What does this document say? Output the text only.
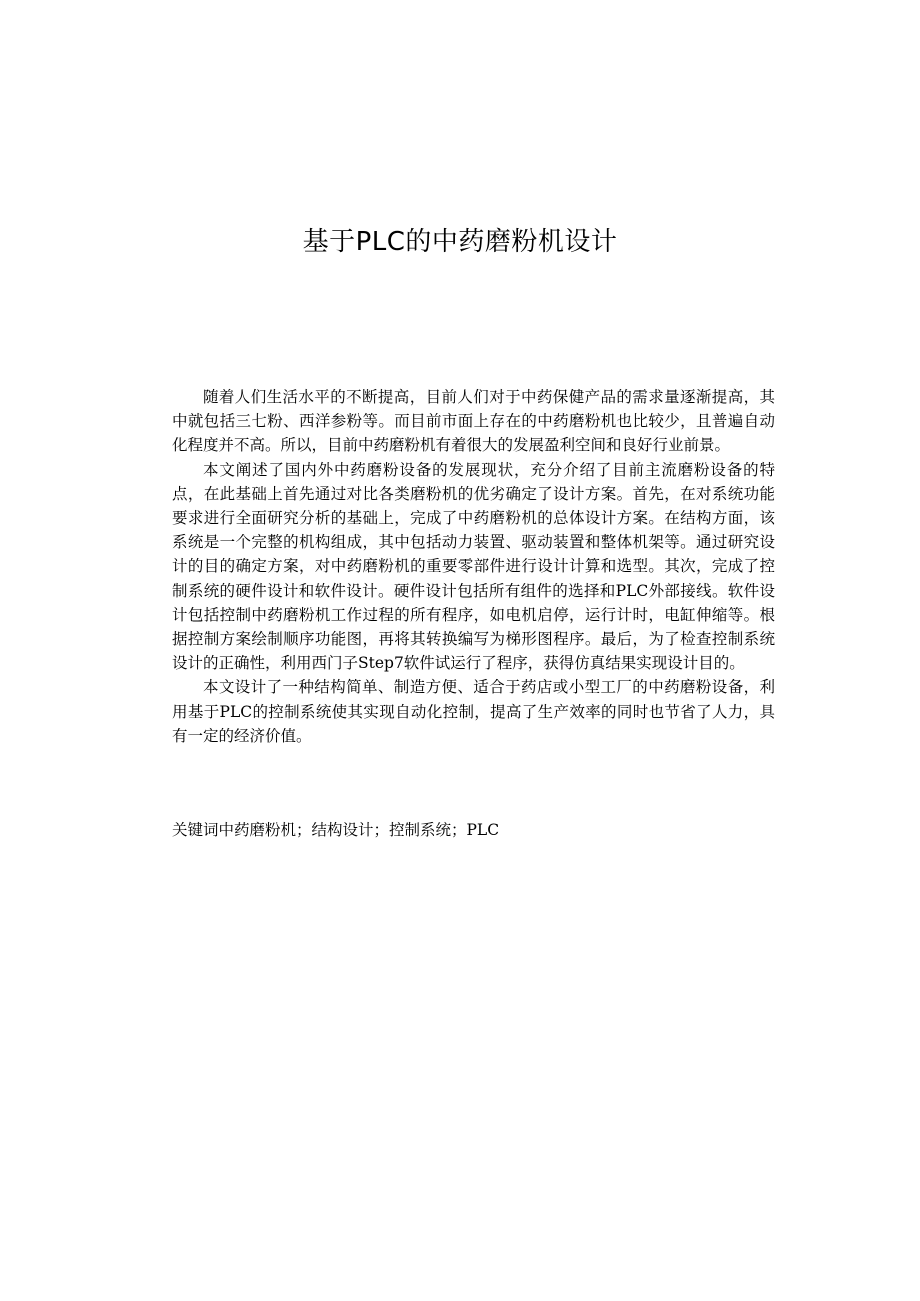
基于PLC的中药磨粉机设计

随着人们生活水平的不断提高，目前人们对于中药保健产品的需求量逐渐提高，其中就包括三七粉、西洋参粉等。而目前市面上存在的中药磨粉机也比较少，且普遍自动化程度并不高。所以，目前中药磨粉机有着很大的发展盈利空间和良好行业前景。

本文阐述了国内外中药磨粉设备的发展现状，充分介绍了目前主流磨粉设备的特点，在此基础上首先通过对比各类磨粉机的优劣确定了设计方案。首先，在对系统功能要求进行全面研究分析的基础上，完成了中药磨粉机的总体设计方案。在结构方面，该系统是一个完整的机构组成，其中包括动力装置、驱动装置和整体机架等。通过研究设计的目的确定方案，对中药磨粉机的重要零部件进行设计计算和选型。其次，完成了控制系统的硬件设计和软件设计。硬件设计包括所有组件的选择和PLC外部接线。软件设计包括控制中药磨粉机工作过程的所有程序，如电机启停，运行计时，电缸伸缩等。根据控制方案绘制顺序功能图，再将其转换编写为梯形图程序。最后，为了检查控制系统设计的正确性，利用西门子Step7软件试运行了程序，获得仿真结果实现设计目的。

本文设计了一种结构简单、制造方便、适合于药店或小型工厂的中药磨粉设备，利用基于PLC的控制系统使其实现自动化控制，提高了生产效率的同时也节省了人力，具有一定的经济价值。

关键词中药磨粉机；结构设计；控制系统；PLC
